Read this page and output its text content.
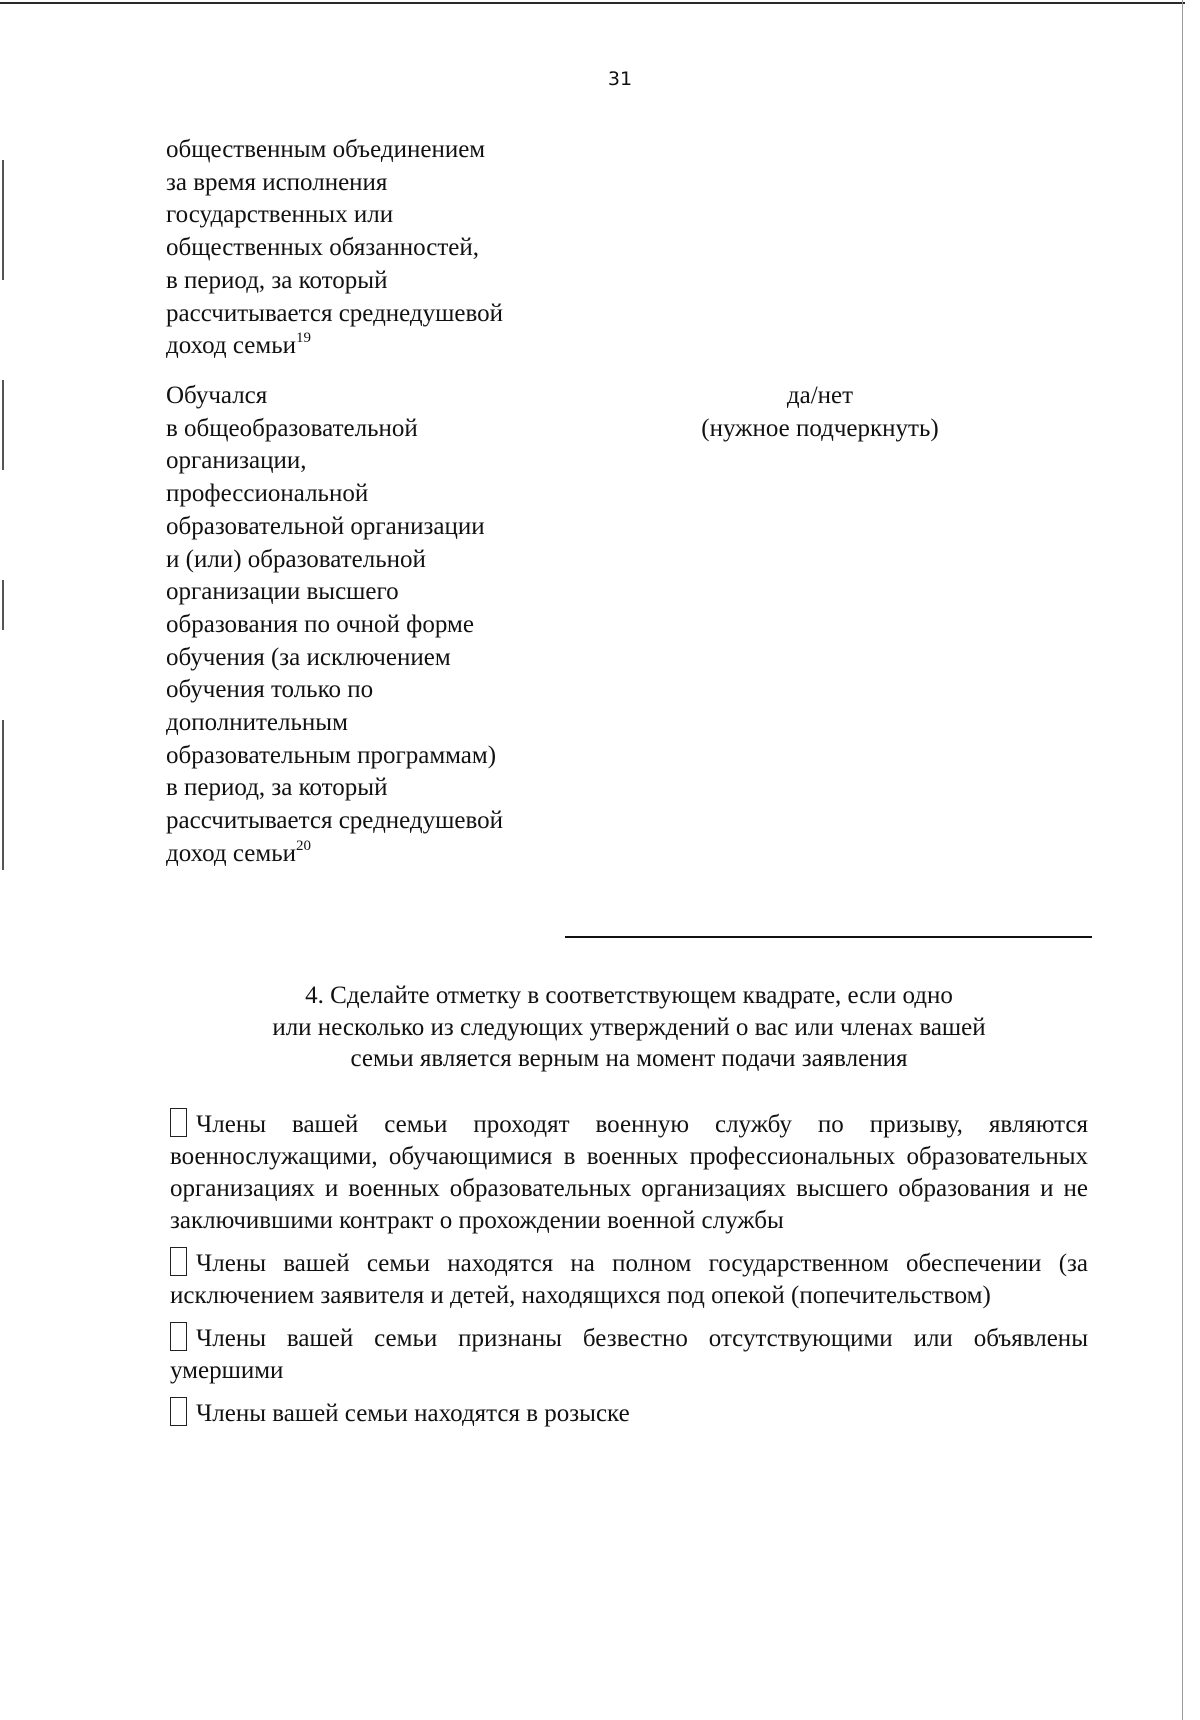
31
общественным объединением
за время исполнения
государственных или
общественных обязанностей,
в период, за который
рассчитывается среднедушевой
доход семьи$^{19}$
Обучался
в общеобразовательной
организации,
профессиональной
образовательной организации
и (или) образовательной
организации высшего
образования по очной форме
обучения (за исключением
обучения только по
дополнительным
образовательным программам)
в период, за который
рассчитывается среднедушевой
доход семьи$^{20}$
да/нет
(нужное подчеркнуть)
4. Сделайте отметку в соответствующем квадрате, если одно
или несколько из следующих утверждений о вас или членах вашей
семьи является верным на момент подачи заявления
Члены вашей семьи проходят военную службу по призыву, являются военнослужащими, обучающимися в военных профессиональных образовательных организациях и военных образовательных организациях высшего образования и не заключившими контракт о прохождении военной службы
Члены вашей семьи находятся на полном государственном обеспечении (за исключением заявителя и детей, находящихся под опекой (попечительством)
Члены вашей семьи признаны безвестно отсутствующими или объявлены умершими
Члены вашей семьи находятся в розыске
